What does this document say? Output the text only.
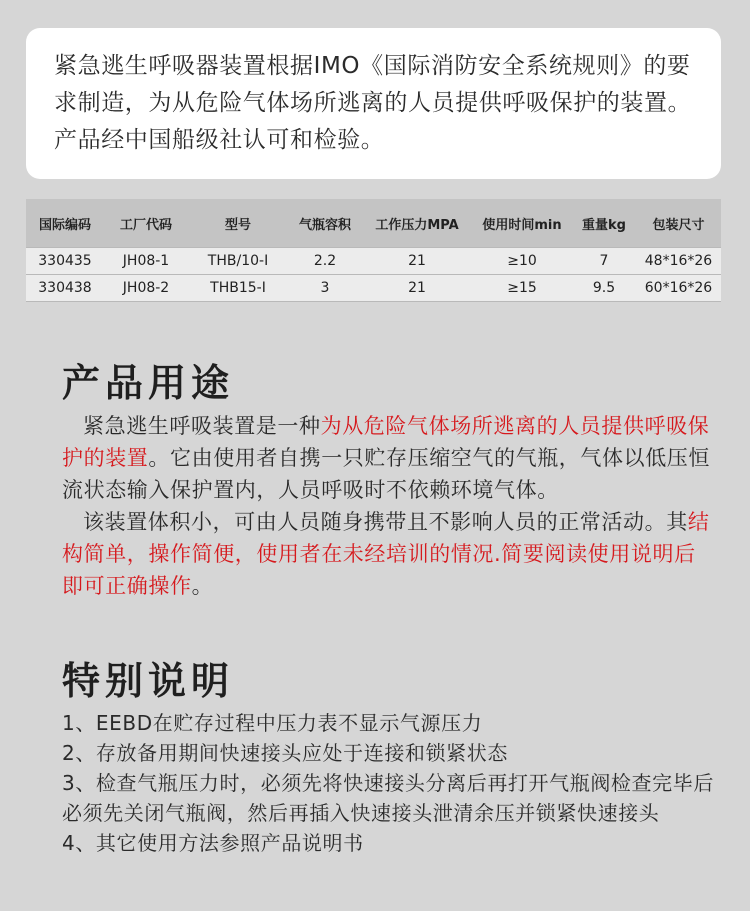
紧急逃生呼吸器装置根据IMO《国际消防安全系统规则》的要求制造，为从危险气体场所逃离的人员提供呼吸保护的装置。产品经中国船级社认可和检验。

国际编码	工厂代码	型号	气瓶容积	工作压力MPA	使用时间min	重量kg	包装尺寸
330435	JH08-1	THB/10-I	2.2	21	≥10	7	48*16*26
330438	JH08-2	THB15-I	3	21	≥15	9.5	60*16*26
产品用途

紧急逃生呼吸装置是一种为从危险气体场所逃离的人员提供呼吸保护的装置。它由使用者自携一只贮存压缩空气的气瓶，气体以低压恒流状态输入保护置内，人员呼吸时不依赖环境气体。

该装置体积小，可由人员随身携带且不影响人员的正常活动。其结构简单，操作简便，使用者在未经培训的情况.简要阅读使用说明后即可正确操作。

特别说明

1、EEBD在贮存过程中压力表不显示气源压力

2、存放备用期间快速接头应处于连接和锁紧状态

3、检查气瓶压力时，必须先将快速接头分离后再打开气瓶阀检查完毕后必须先关闭气瓶阀，然后再插入快速接头泄清余压并锁紧快速接头

4、其它使用方法参照产品说明书
